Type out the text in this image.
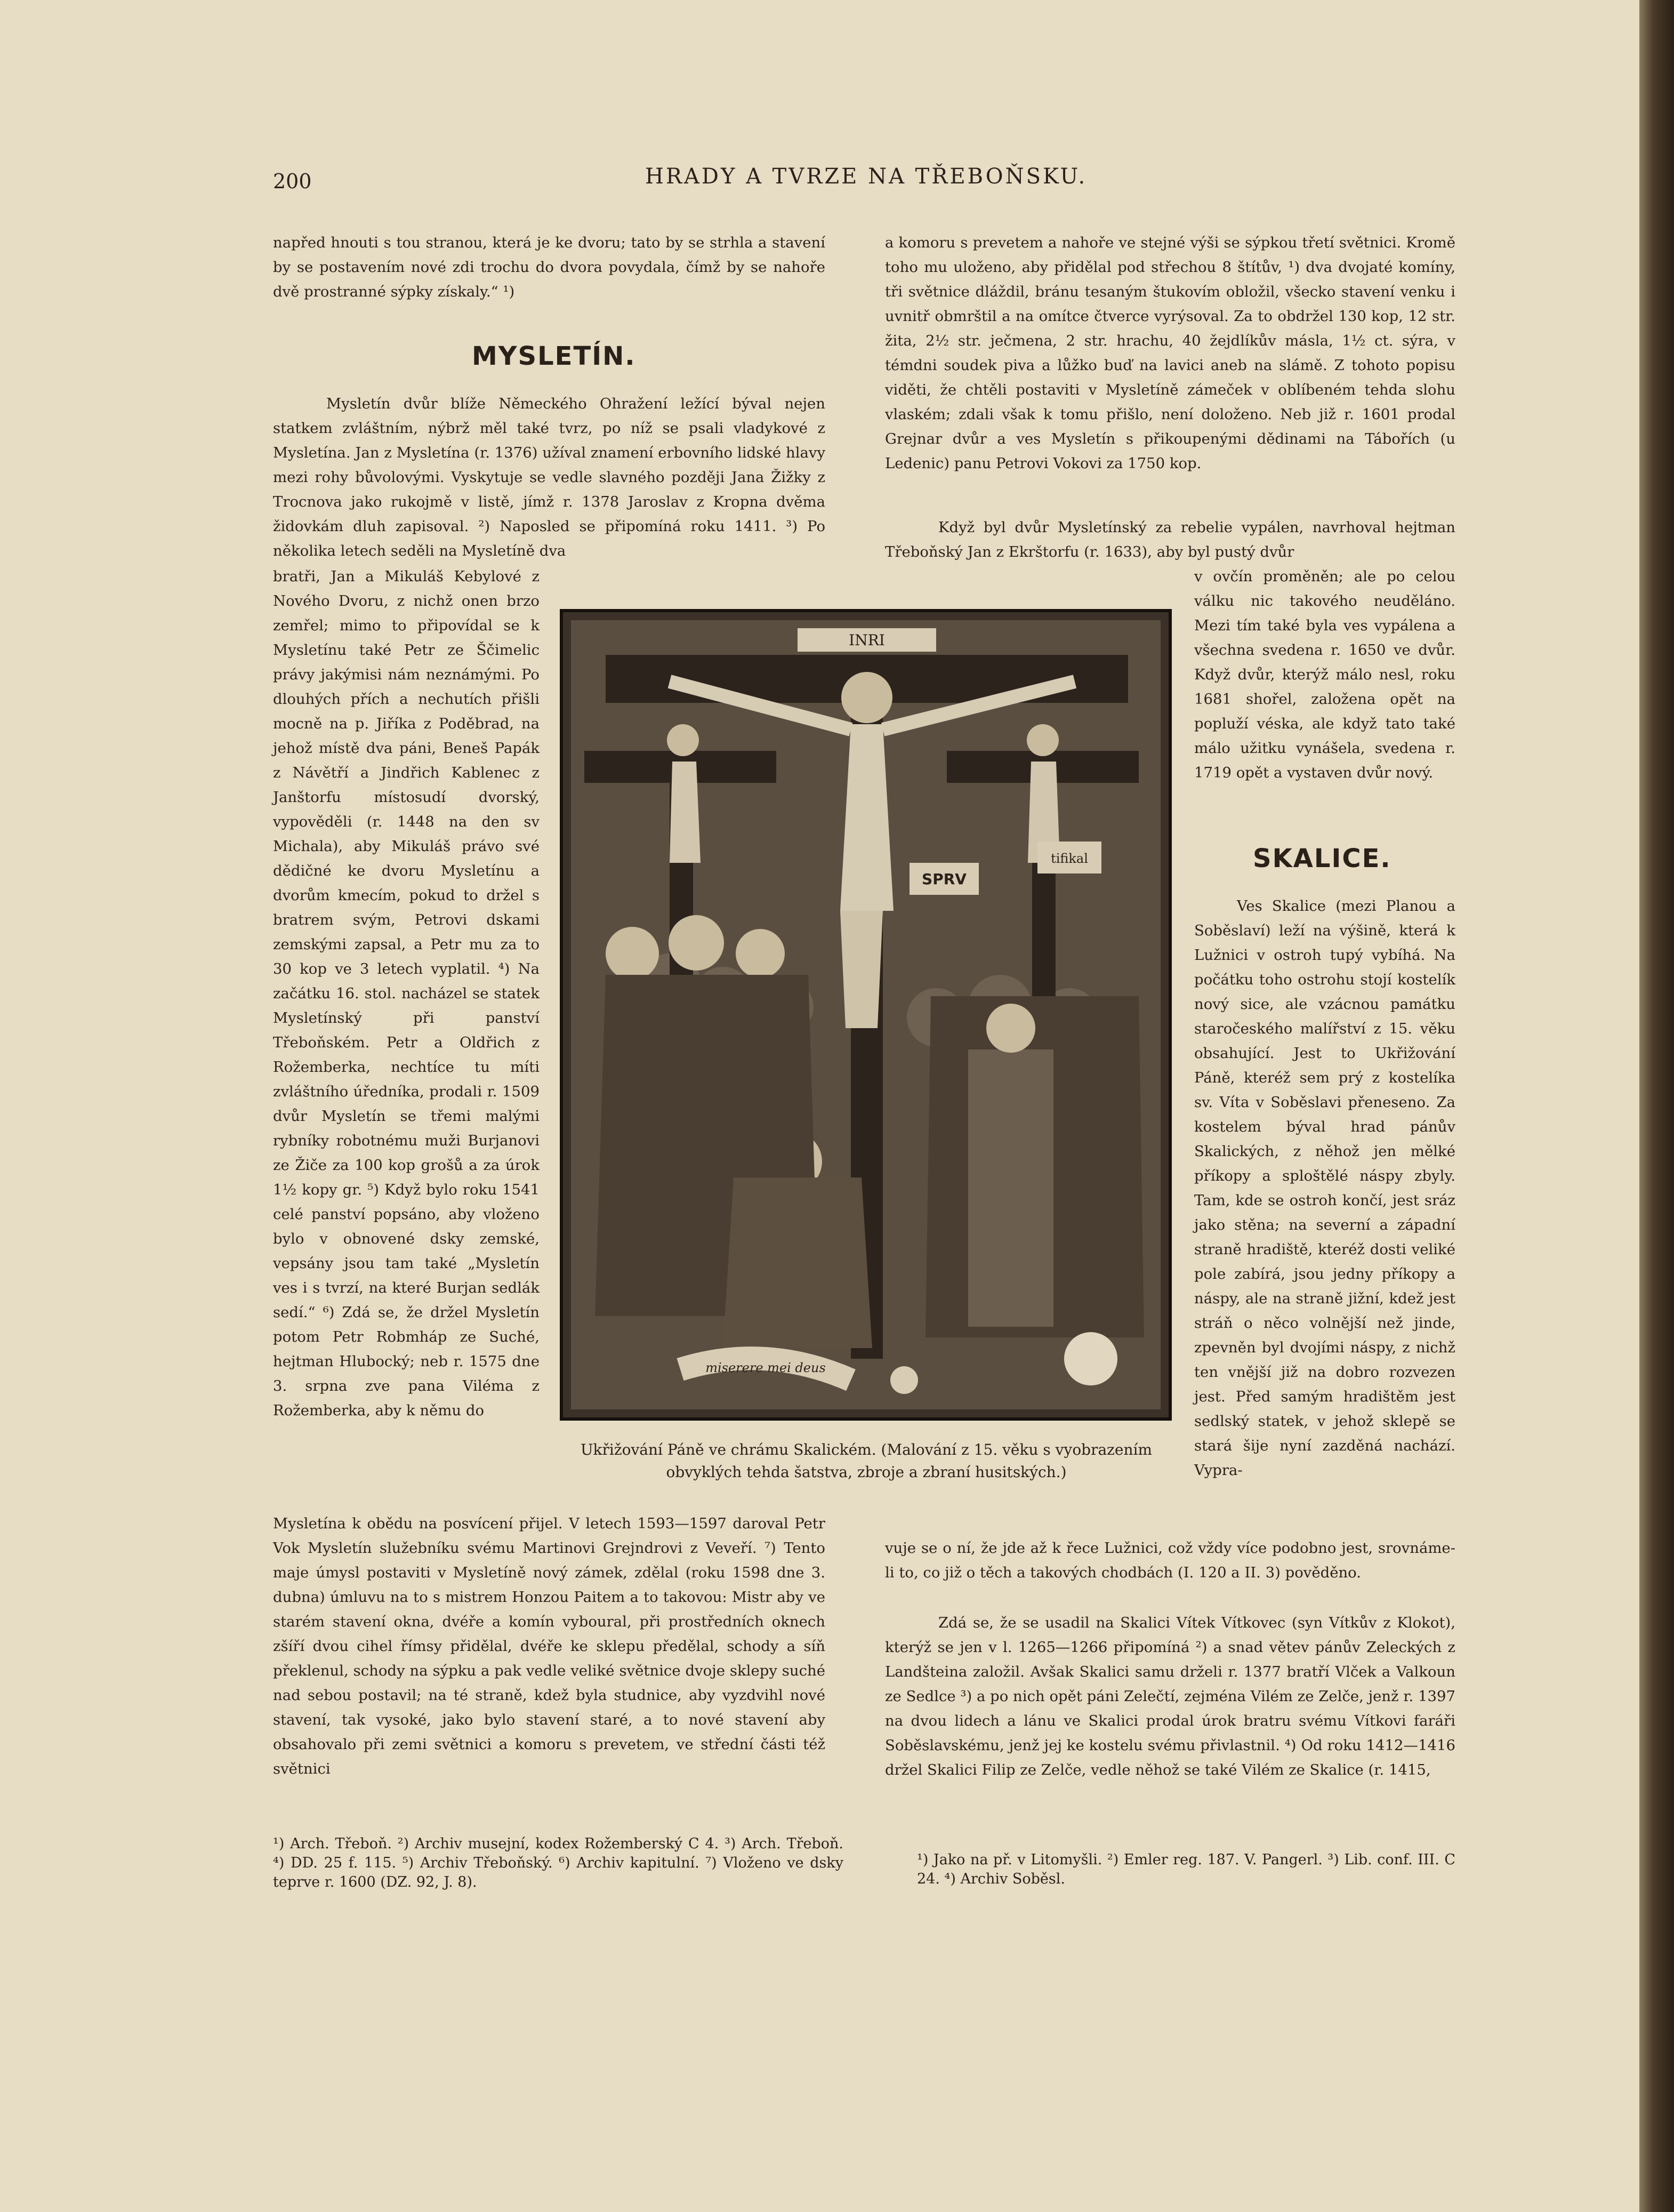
200	HRADY A TVRZE NA TŘEBOŇSKU.

napřed hnouti s tou stranou, která je ke dvoru; tato by se strhla a stavení by se postavením nové zdi trochu do dvora povydala, čímž by se nahoře dvě prostranné sýpky získaly.“ ¹)

MYSLETÍN.

Mysletín dvůr blíže Německého Ohražení ležící býval nejen statkem zvláštním, nýbrž měl také tvrz, po níž se psali vladykové z Mysletína. Jan z Mysletína (r. 1376) užíval znamení erbovního lidské hlavy mezi rohy bůvolovými. Vyskytuje se vedle slavného později Jana Žižky z Trocnova jako rukojmě v listě, jímž r. 1378 Jaroslav z Kropna dvěma židovkám dluh zapisoval. ²) Naposled se připomíná roku 1411. ³) Po několika letech seděli na Mysletíně dva

bratři, Jan a Mikuláš Kebylové z Nového Dvoru, z nichž onen brzo zemřel; mimo to připovídal se k Mysletínu také Petr ze Ščimelic právy jakýmisi nám neznámými. Po dlouhých přích a nechutích přišli mocně na p. Jiříka z Poděbrad, na jehož místě dva páni, Beneš Papák z Návětří a Jindřich Kablenec z Janštorfu místosudí dvorský, vypověděli (r. 1448 na den sv Michala), aby Mikuláš právo své dědičné ke dvoru Mysletínu a dvorům kmecím, pokud to držel s bratrem svým, Petrovi dskami zemskými zapsal, a Petr mu za to 30 kop ve 3 letech vyplatil. ⁴) Na začátku 16. stol. nacházel se statek Mysletínský při panství Třeboňském. Petr a Oldřich z Rožemberka, nechtíce tu míti zvláštního úředníka, prodali r. 1509 dvůr Mysletín se třemi malými rybníky robotnému muži Burjanovi ze Žiče za 100 kop grošů a za úrok 1½ kopy gr. ⁵) Když bylo roku 1541 celé panství popsáno, aby vloženo bylo v obnovené dsky zemské, vepsány jsou tam také „Mysletín ves i s tvrzí, na které Burjan sedlák sedí.“ ⁶) Zdá se, že držel Mysletín potom Petr Robmháp ze Suché, hejtman Hlubocký; neb r. 1575 dne 3. srpna zve pana Viléma z Rožemberka, aby k němu do

Mysletína k obědu na posvícení přijel. V letech 1593—1597 daroval Petr Vok Mysletín služebníku svému Martinovi Grejndrovi z Veveří. ⁷) Tento maje úmysl postaviti v Mysletíně nový zámek, zdělal (roku 1598 dne 3. dubna) úmluvu na to s mistrem Honzou Paitem a to takovou: Mistr aby ve starém stavení okna, dvéře a komín vyboural, při prostředních oknech zšíří dvou cihel římsy přidělal, dvéře ke sklepu předělal, schody a síň překlenul, schody na sýpku a pak vedle veliké světnice dvoje sklepy suché nad sebou postavil; na té straně, kdež byla studnice, aby vyzdvihl nové stavení, tak vysoké, jako bylo stavení staré, a to nové stavení aby obsahovalo při zemi světnici a komoru s prevetem, ve střední části též světnici

a komoru s prevetem a nahoře ve stejné výši se sýpkou třetí světnici. Kromě toho mu uloženo, aby přidělal pod střechou 8 štítův, ¹) dva dvojaté komíny, tři světnice dláždil, bránu tesaným štukovím obložil, všecko stavení venku i uvnitř obmrštil a na omítce čtverce vyrýsoval. Za to obdržel 130 kop, 12 str. žita, 2½ str. ječmena, 2 str. hrachu, 40 žejdlíkův másla, 1½ ct. sýra, v témdni soudek piva a lůžko buď na lavici aneb na slámě. Z tohoto popisu viděti, že chtěli postaviti v Mysletíně zámeček v oblíbeném tehda slohu vlaském; zdali však k tomu přišlo, není doloženo. Neb již r. 1601 prodal Grejnar dvůr a ves Mysletín s přikoupenými dědinami na Tábořích (u Ledenic) panu Petrovi Vokovi za 1750 kop.

Když byl dvůr Mysletínský za rebelie vypálen, navrhoval hejtman Třeboňský Jan z Ekrštorfu (r. 1633), aby byl pustý dvůr

v ovčín proměněn; ale po celou válku nic takového neuděláno. Mezi tím také byla ves vypálena a všechna svedena r. 1650 ve dvůr. Když dvůr, kterýž málo nesl, roku 1681 shořel, založena opět na popluží véska, ale když tato také málo užitku vynášela, svedena r. 1719 opět a vystaven dvůr nový.

SKALICE.

Ves Skalice (mezi Planou a Soběslaví) leží na výšině, která k Lužnici v ostroh tupý vybíhá. Na počátku toho ostrohu stojí kostelík nový sice, ale vzácnou památku staročeského malířství z 15. věku obsahující. Jest to Ukřižování Páně, kteréž sem prý z kostelíka sv. Víta v Soběslavi přeneseno. Za kostelem býval hrad pánův Skalických, z něhož jen mělké příkopy a sploštělé náspy zbyly. Tam, kde se ostroh končí, jest sráz jako stěna; na severní a západní straně hradiště, kteréž dosti veliké pole zabírá, jsou jedny příkopy a náspy, ale na straně jižní, kdež jest stráň o něco volnější než jinde, zpevněn byl dvojími náspy, z nichž ten vnější již na dobro rozvezen jest. Před samým hradištěm jest sedlský statek, v jehož sklepě se stará šije nyní zazděná nachází. Vypra-

vuje se o ní, že jde až k řece Lužnici, což vždy více podobno jest, srovnáme-li to, co již o těch a takových chodbách (I. 120 a II. 3) pověděno.

Zdá se, že se usadil na Skalici Vítek Vítkovec (syn Vítkův z Klokot), kterýž se jen v l. 1265—1266 připomíná ²) a snad větev pánův Zeleckých z Landšteina založil. Avšak Skalici samu drželi r. 1377 bratří Vlček a Valkoun ze Sedlce ³) a po nich opět páni Zelečtí, zejména Vilém ze Zelče, jenž r. 1397 na dvou lidech a lánu ve Skalici prodal úrok bratru svému Vítkovi faráři Soběslavskému, jenž jej ke kostelu svému přivlastnil. ⁴) Od roku 1412—1416 držel Skalici Filip ze Zelče, vedle něhož se také Vilém ze Skalice (r. 1415,

INRI
SPRV
tifikal
miserere mei deus
Ukřižování Páně ve chrámu Skalickém. (Malování z 15. věku s vyobrazením obvyklých tehda šatstva, zbroje a zbraní husitských.)
¹) Arch. Třeboň. ²) Archiv musejní, kodex Rožemberský C 4. ³) Arch. Třeboň. ⁴) DD. 25 f. 115. ⁵) Archiv Třeboňský. ⁶) Archiv kapitulní. ⁷) Vloženo ve dsky teprve r. 1600 (DZ. 92, J. 8).
¹) Jako na př. v Litomyšli. ²) Emler reg. 187. V. Pangerl. ³) Lib. conf. III. C 24. ⁴) Archiv Soběsl.
